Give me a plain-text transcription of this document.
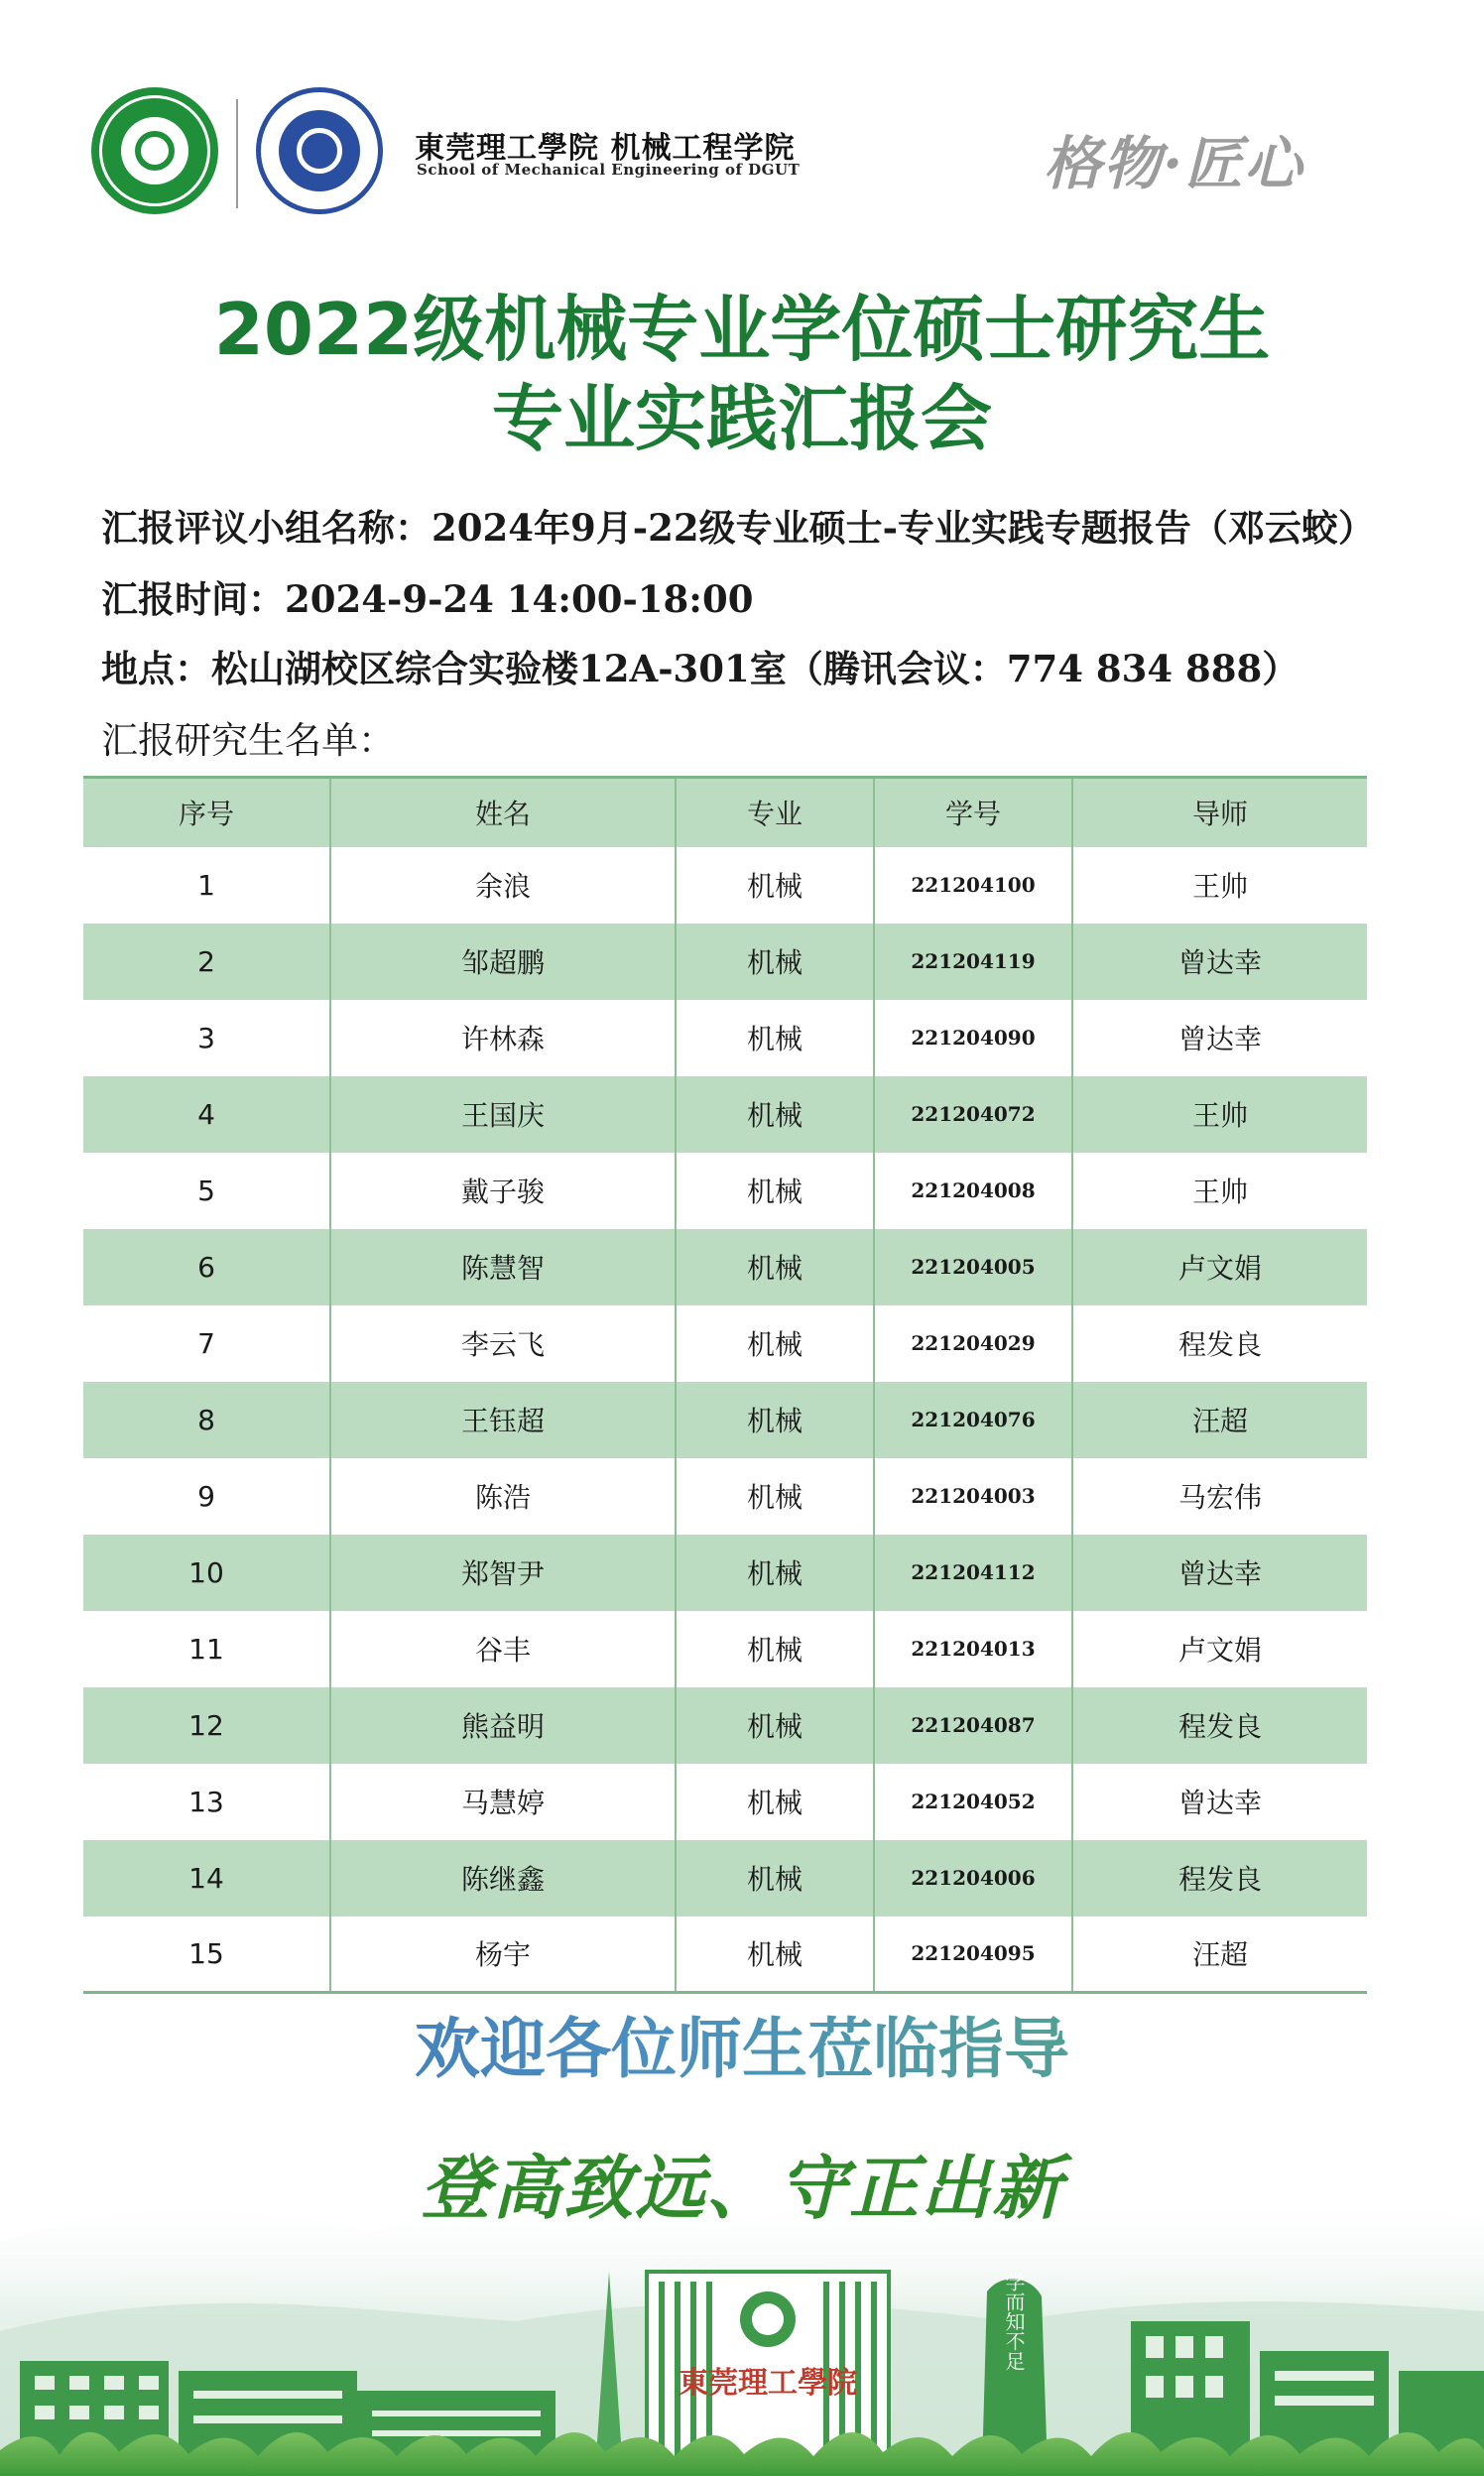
東莞理工學院 机械工程学院
School of Mechanical Engineering of DGUT	格物·匠心
2022级机械专业学位硕士研究生
专业实践汇报会
汇报评议小组名称：2024年9月-22级专业硕士-专业实践专题报告（邓云蛟）
汇报时间：2024-9-24 14:00-18:00
地点：松山湖校区综合实验楼12A-301室（腾讯会议：774 834 888）
汇报研究生名单：
序号	姓名	专业	学号	导师
1	余浪	机械	221204100	王帅
2	邹超鹏	机械	221204119	曾达幸
3	许林森	机械	221204090	曾达幸
4	王国庆	机械	221204072	王帅
5	戴子骏	机械	221204008	王帅
6	陈慧智	机械	221204005	卢文娟
7	李云飞	机械	221204029	程发良
8	王钰超	机械	221204076	汪超
9	陈浩	机械	221204003	马宏伟
10	郑智尹	机械	221204112	曾达幸
11	谷丰	机械	221204013	卢文娟
12	熊益明	机械	221204087	程发良
13	马慧婷	机械	221204052	曾达幸
14	陈继鑫	机械	221204006	程发良
15	杨宇	机械	221204095	汪超
東莞理工學院
学而知不足
欢迎各位师生莅临指导
登高致远、守正出新
